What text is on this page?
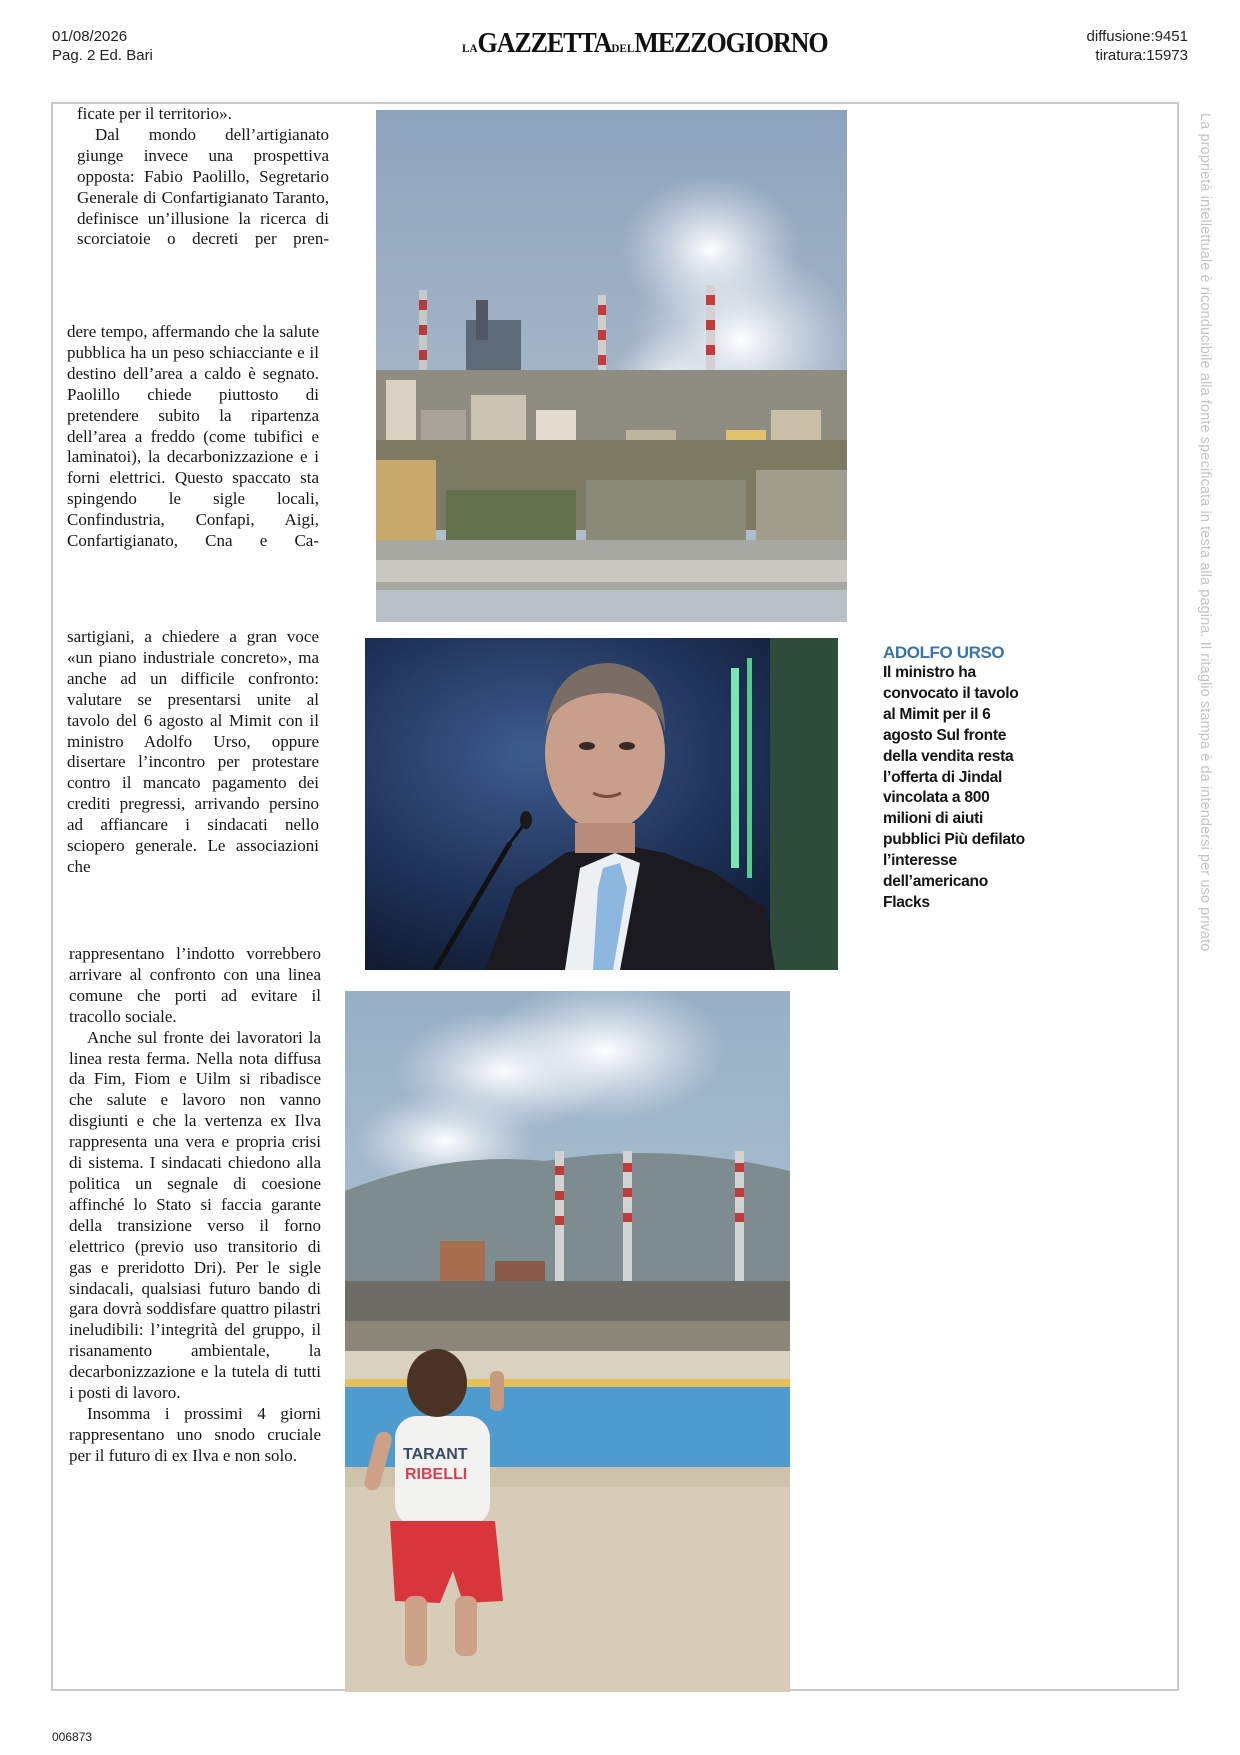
01/08/2026
Pag. 2 Ed. Bari	LAGAZZETTADELMEZZOGIORNO	diffusione:9451
tiratura:15973
La proprietà intellettuale è riconducibile alla fonte specificata in testa alla pagina. Il ritaglio stampa è da intendersi per uso privato

ficate per il territorio».

Dal mondo dell’artigianato giunge invece una prospettiva opposta: Fabio Paolillo, Segretario Generale di Confartigianato Taranto, definisce un’illusione la ricerca di scorciatoie o decreti per pren-

dere tempo, affermando che la salute pubblica ha un peso schiacciante e il destino dell’area a caldo è segnato. Paolillo chiede piuttosto di pretendere subito la ripartenza dell’area a freddo (come tubifici e laminatoi), la decarbonizzazione e i forni elettrici. Questo spaccato sta spingendo le sigle locali, Confindustria, Confapi, Aigi, Confartigianato, Cna e Ca-

sartigiani, a chiedere a gran voce «un piano industriale concreto», ma anche ad un difficile confronto: valutare se presentarsi unite al tavolo del 6 agosto al Mimit con il ministro Adolfo Urso, oppure disertare l’incontro per protestare contro il mancato pagamento dei crediti pregressi, arrivando persino ad affiancare i sindacati nello sciopero generale. Le associazioni che

rappresentano l’indotto vorrebbero arrivare al confronto con una linea comune che porti ad evitare il tracollo sociale.

Anche sul fronte dei lavoratori la linea resta ferma. Nella nota diffusa da Fim, Fiom e Uilm si ribadisce che salute e lavoro non vanno disgiunti e che la vertenza ex Ilva rappresenta una vera e propria crisi di sistema. I sindacati chiedono alla politica un segnale di coesione affinché lo Stato si faccia garante della transizione verso il forno elettrico (previo uso transitorio di gas e preridotto Dri). Per le sigle sindacali, qualsiasi futuro bando di gara dovrà soddisfare quattro pilastri ineludibili: l’integrità del gruppo, il risanamento ambientale, la decarbonizzazione e la tutela di tutti i posti di lavoro.

Insomma i prossimi 4 giorni rappresentano uno snodo cruciale per il futuro di ex Ilva e non solo.	TARANT
RIBELLI
ADOLFO URSO
Il ministro ha convocato il tavolo al Mimit per il 6 agosto Sul fronte della vendita resta l’offerta di Jindal vincolata a 800 milioni di aiuti pubblici Più defilato l’interesse dell’americano Flacks
006873
